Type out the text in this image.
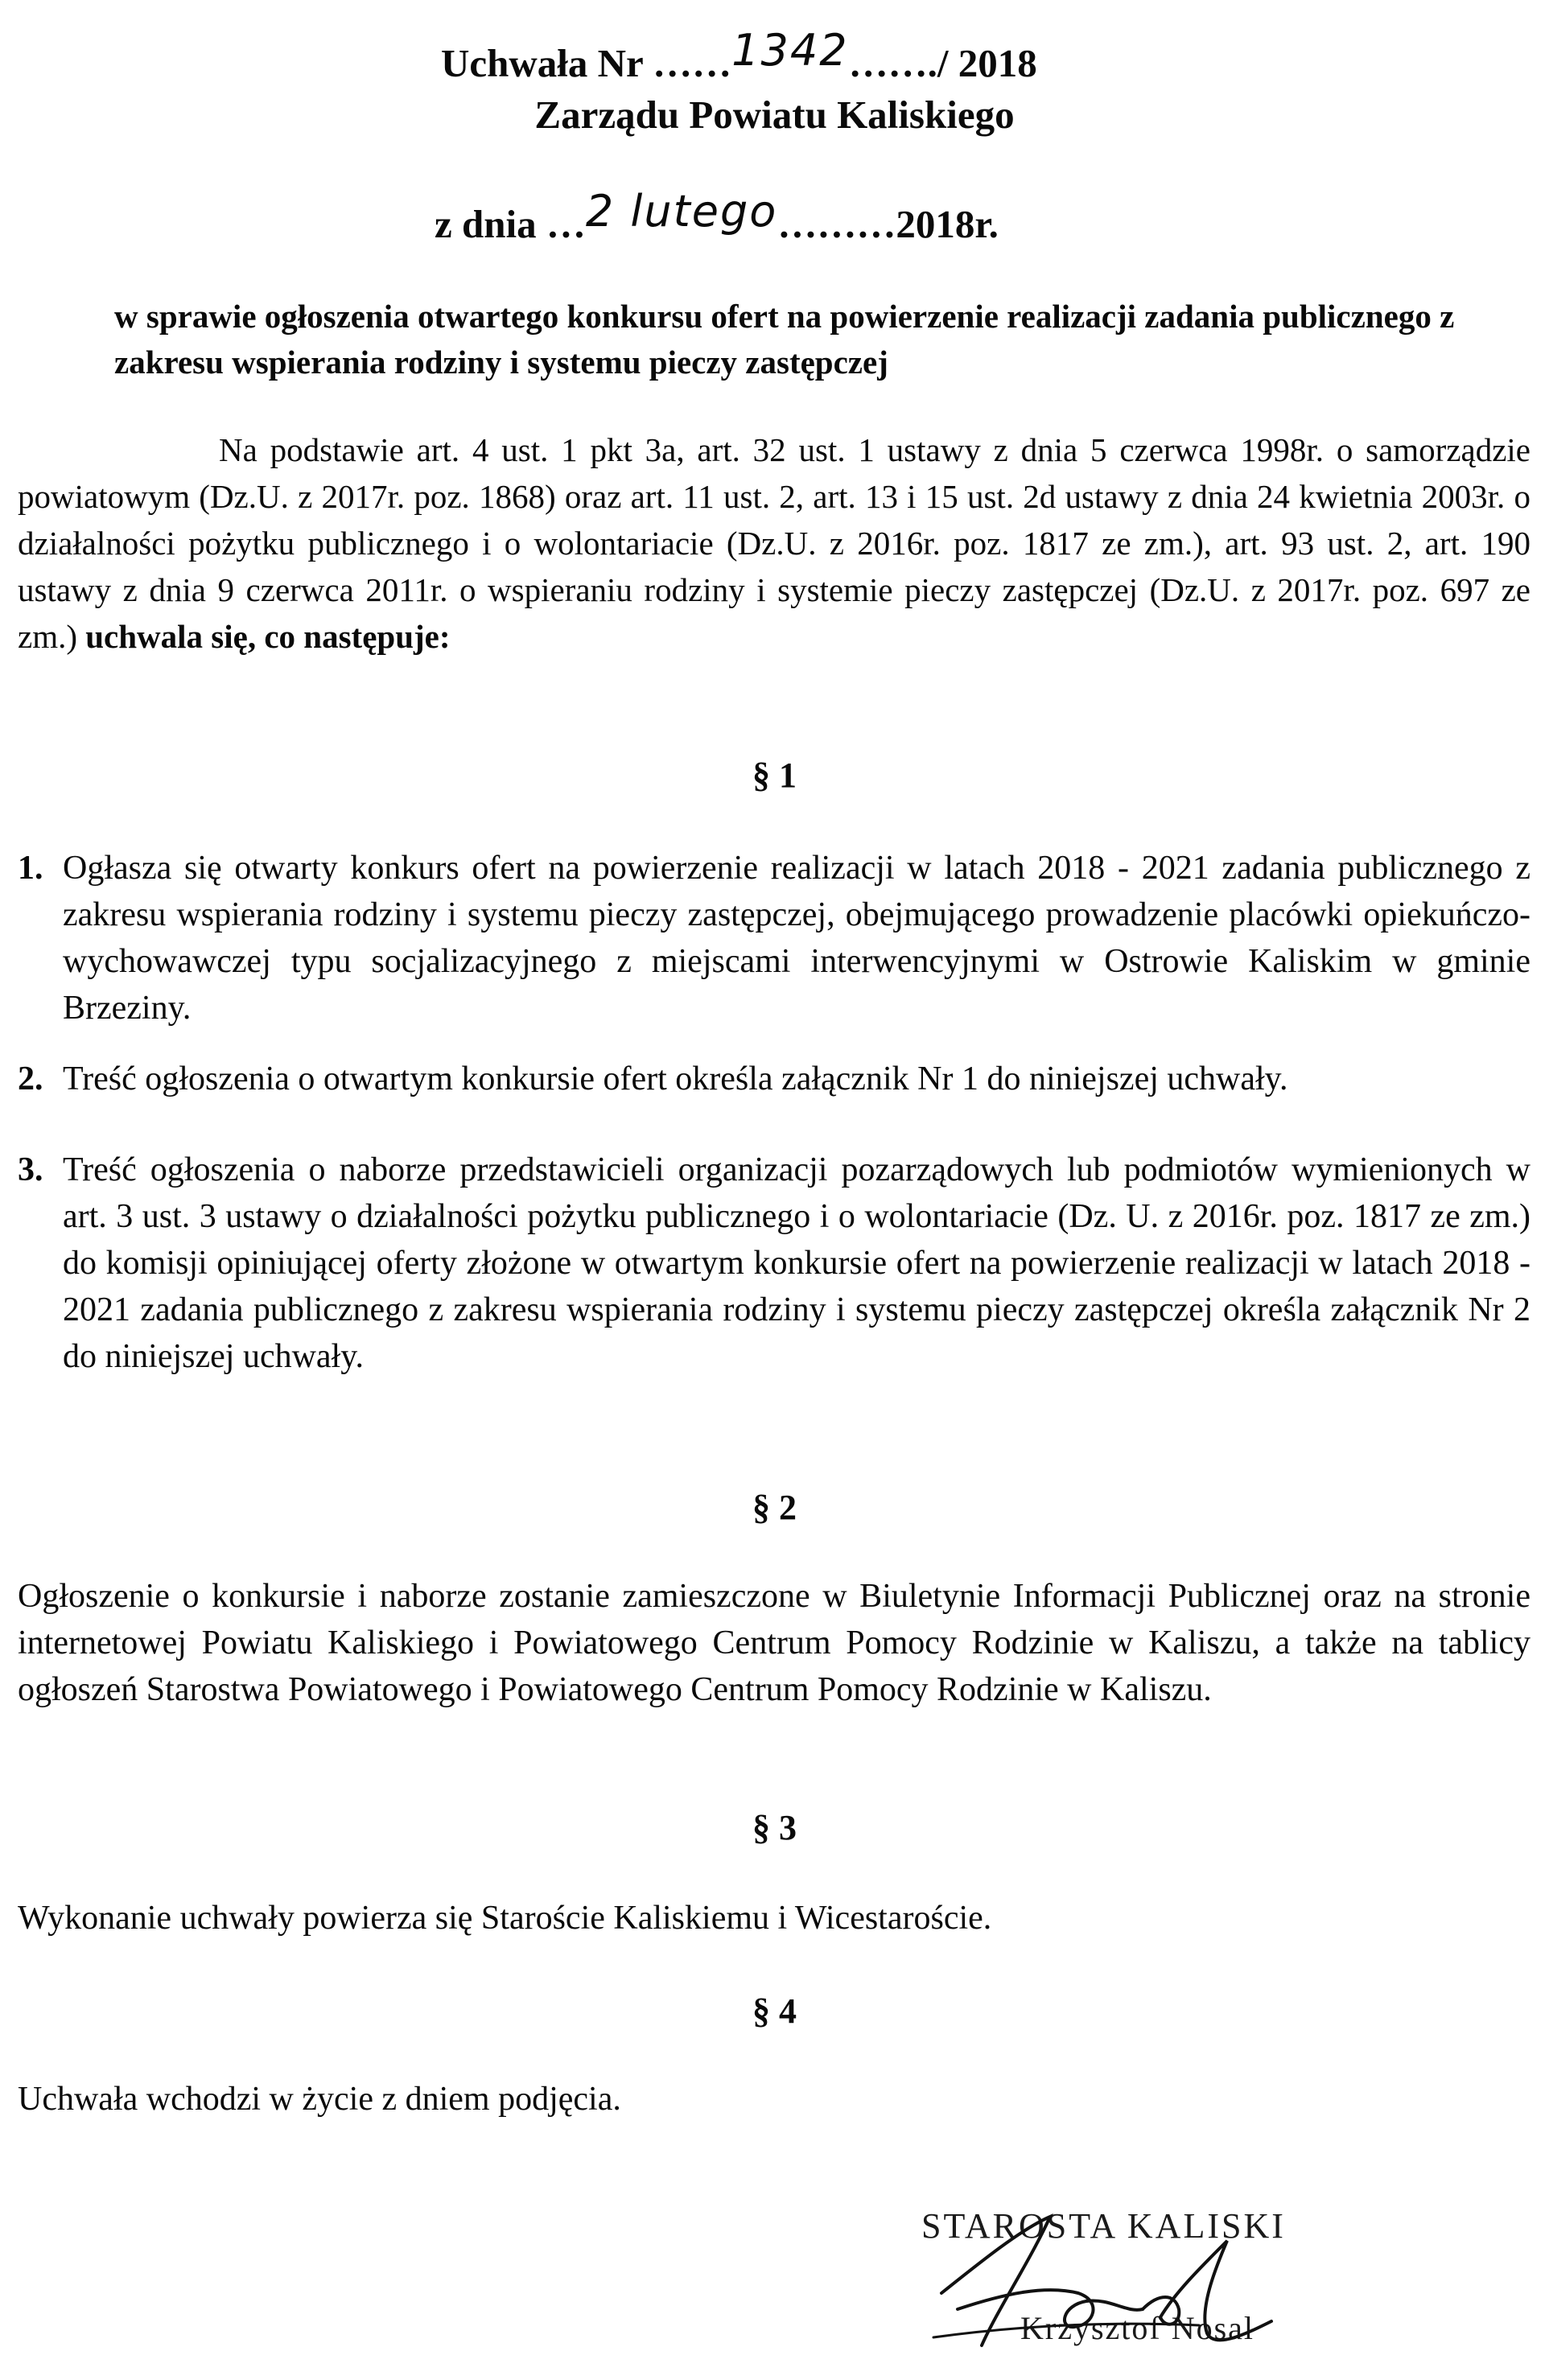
Uchwała Nr ……1342……./ 2018
Zarządu Powiatu Kaliskiego
z dnia …2 lutego………2018r.
w sprawie ogłoszenia otwartego konkursu ofert na powierzenie realizacji zadania publicznego z zakresu wspierania rodziny i systemu pieczy zastępczej
Na podstawie art. 4 ust. 1 pkt 3a, art. 32 ust. 1 ustawy z dnia 5 czerwca 1998r. o samorządzie powiatowym (Dz.U. z 2017r. poz. 1868) oraz art. 11 ust. 2, art. 13 i 15 ust. 2d ustawy z dnia 24 kwietnia 2003r. o działalności pożytku publicznego i o wolontariacie (Dz.U. z 2016r. poz. 1817 ze zm.), art. 93 ust. 2, art. 190 ustawy z dnia 9 czerwca 2011r. o wspieraniu rodziny i systemie pieczy zastępczej (Dz.U. z 2017r. poz. 697 ze zm.) uchwala się, co następuje:
§ 1
1. Ogłasza się otwarty konkurs ofert na powierzenie realizacji w latach 2018 - 2021 zadania publicznego z zakresu wspierania rodziny i systemu pieczy zastępczej, obejmującego prowadzenie placówki opiekuńczo-wychowawczej typu socjalizacyjnego z miejscami interwencyjnymi w Ostrowie Kaliskim w gminie Brzeziny.
2. Treść ogłoszenia o otwartym konkursie ofert określa załącznik Nr 1 do niniejszej uchwały.
3. Treść ogłoszenia o naborze przedstawicieli organizacji pozarządowych lub podmiotów wymienionych w art. 3 ust. 3 ustawy o działalności pożytku publicznego i o wolontariacie (Dz. U. z 2016r. poz. 1817 ze zm.) do komisji opiniującej oferty złożone w otwartym konkursie ofert na powierzenie realizacji w latach 2018 - 2021 zadania publicznego z zakresu wspierania rodziny i systemu pieczy zastępczej określa załącznik Nr 2 do niniejszej uchwały.
§ 2
Ogłoszenie o konkursie i naborze zostanie zamieszczone w Biuletynie Informacji Publicznej oraz na stronie internetowej Powiatu Kaliskiego i Powiatowego Centrum Pomocy Rodzinie w Kaliszu, a także na tablicy ogłoszeń Starostwa Powiatowego i Powiatowego Centrum Pomocy Rodzinie w Kaliszu.
§ 3
Wykonanie uchwały powierza się Staroście Kaliskiemu i Wicestaroście.
§ 4
Uchwała wchodzi w życie z dniem podjęcia.
STAROSTA KALISKI
Krzysztof Nosal
